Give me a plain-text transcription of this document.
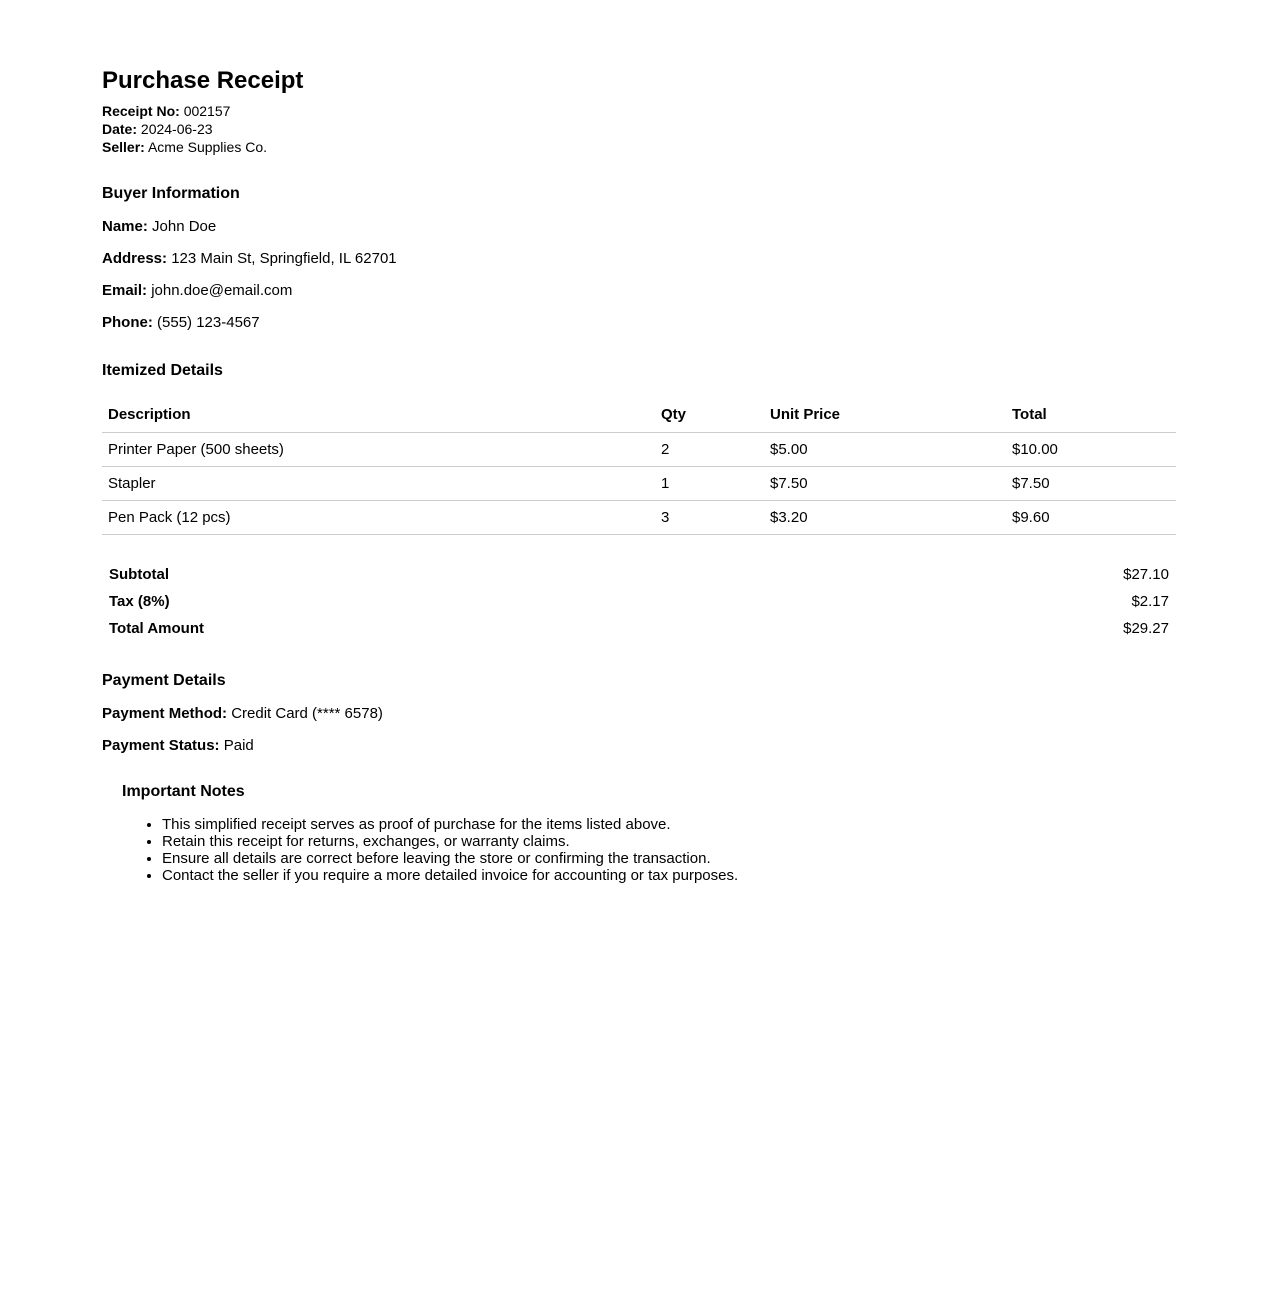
Purchase Receipt
Receipt No: 002157
Date: 2024-06-23
Seller: Acme Supplies Co.
Buyer Information
Name: John Doe
Address: 123 Main St, Springfield, IL 62701
Email: john.doe@email.com
Phone: (555) 123-4567
Itemized Details
Description	Qty	Unit Price	Total
Printer Paper (500 sheets)	2	$5.00	$10.00
Stapler	1	$7.50	$7.50
Pen Pack (12 pcs)	3	$3.20	$9.60
Subtotal	$27.10
Tax (8%)	$2.17
Total Amount	$29.27
Payment Details
Payment Method: Credit Card (**** 6578)
Payment Status: Paid
Important Notes
• This simplified receipt serves as proof of purchase for the items listed above.
• Retain this receipt for returns, exchanges, or warranty claims.
• Ensure all details are correct before leaving the store or confirming the transaction.
• Contact the seller if you require a more detailed invoice for accounting or tax purposes.
